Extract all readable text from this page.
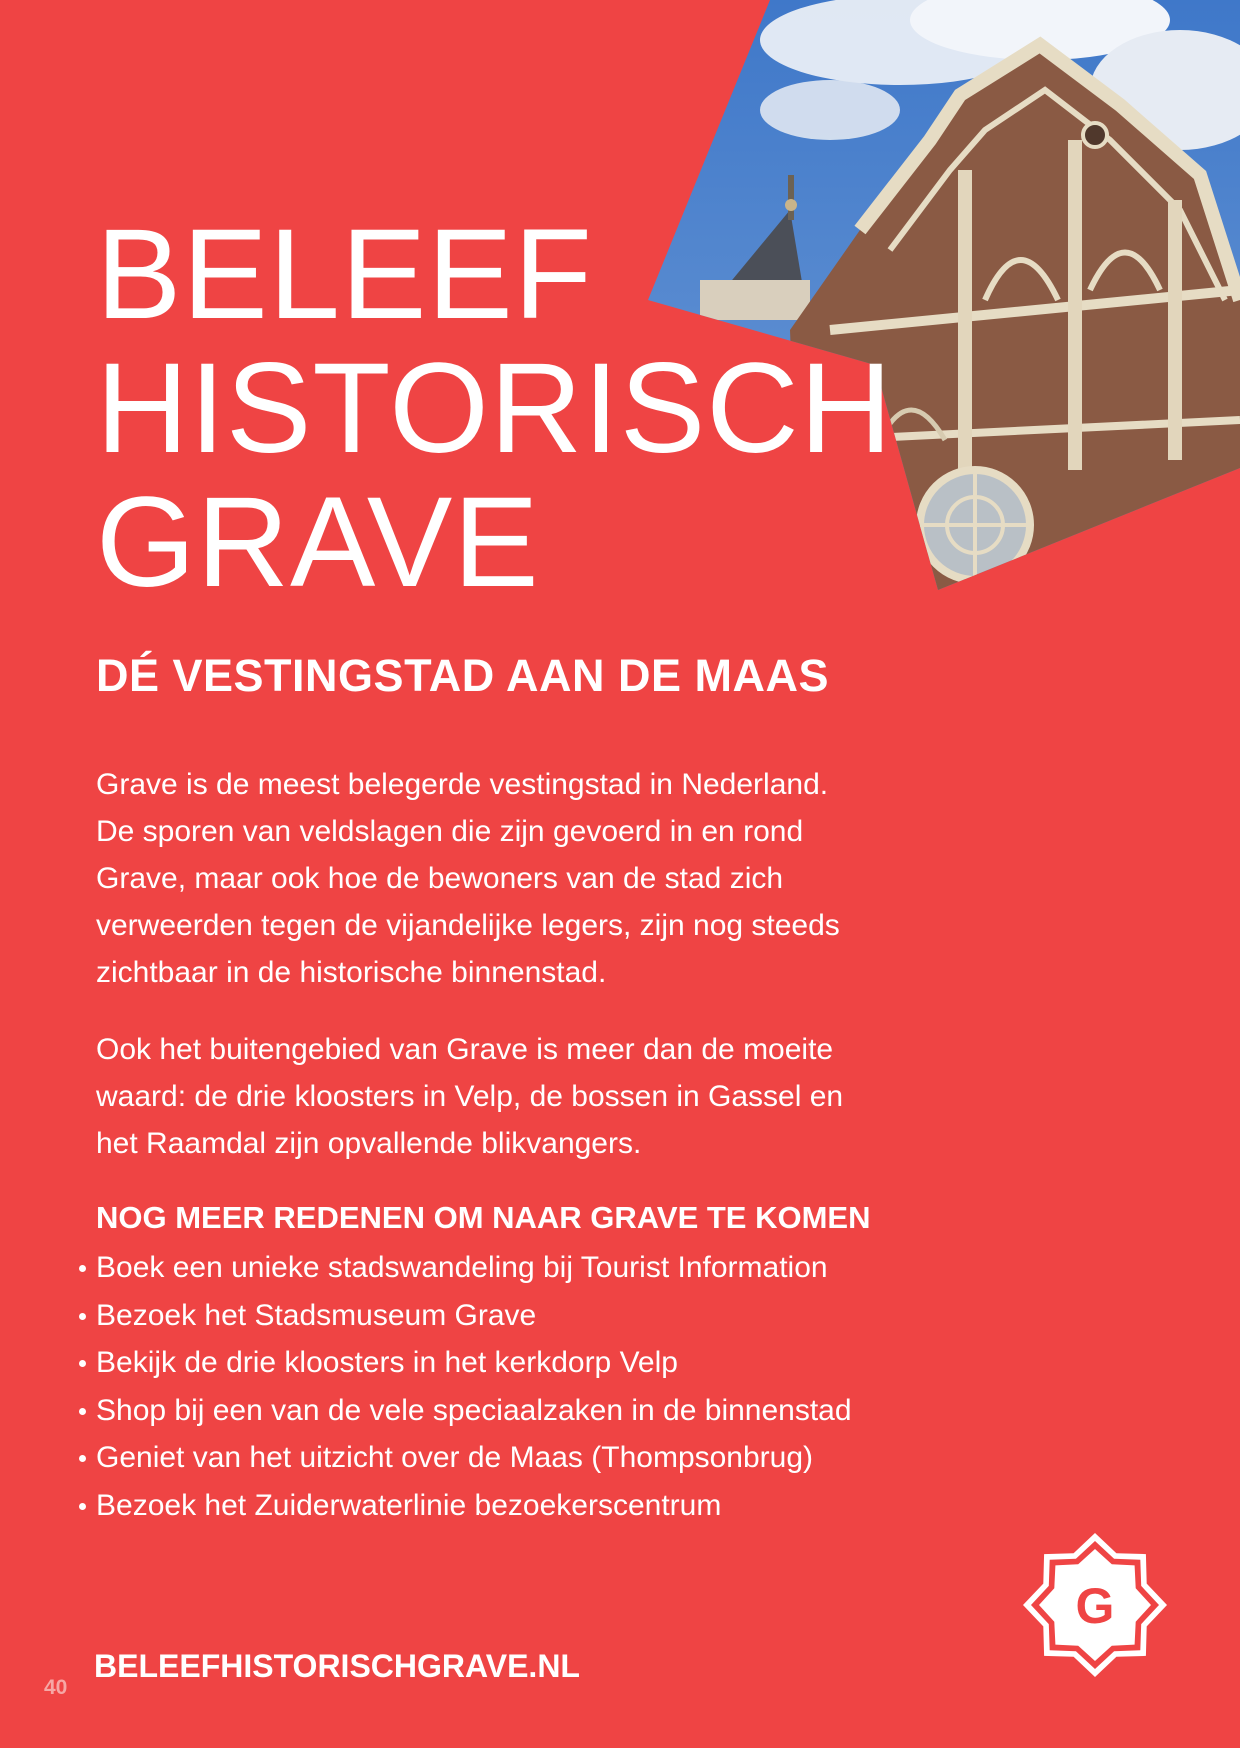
BELEEF
HISTORISCH
GRAVE
DÉ VESTINGSTAD AAN DE MAAS

Grave is de meest belegerde vestingstad in Nederland.
De sporen van veldslagen die zijn gevoerd in en rond
Grave, maar ook hoe de bewoners van de stad zich
verweerden tegen de vijandelijke legers, zijn nog steeds
zichtbaar in de historische binnenstad.

Ook het buitengebied van Grave is meer dan de moeite
waard: de drie kloosters in Velp, de bossen in Gassel en
het Raamdal zijn opvallende blikvangers.

NOG MEER REDENEN OM NAAR GRAVE TE KOMEN
Boek een unieke stadswandeling bij Tourist Information
Bezoek het Stadsmuseum Grave
Bekijk de drie kloosters in het kerkdorp Velp
Shop bij een van de vele speciaalzaken in de binnenstad
Geniet van het uitzicht over de Maas (Thompsonbrug)
Bezoek het Zuiderwaterlinie bezoekerscentrum

BELEEFHISTORISCHGRAVE.NL

40
G
